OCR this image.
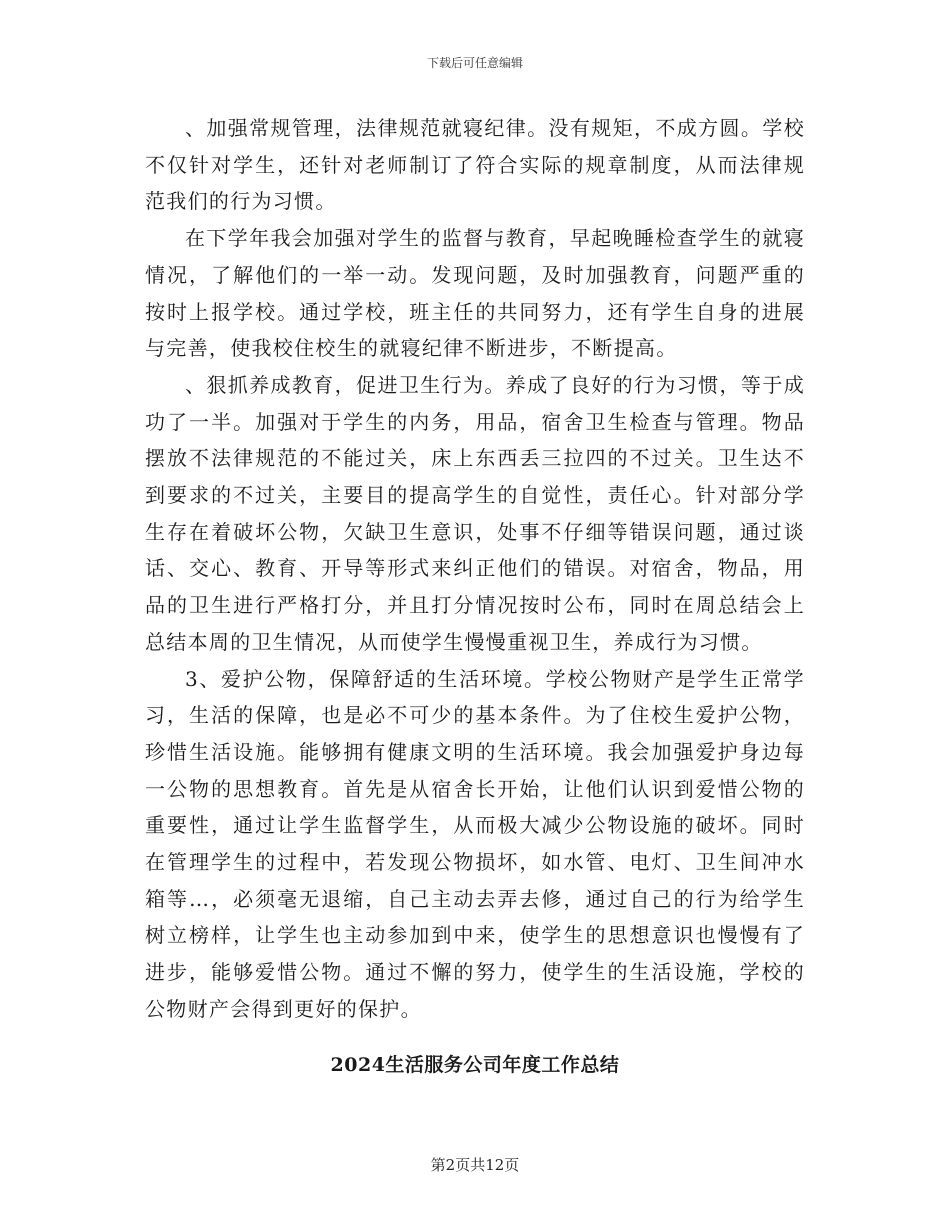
下载后可任意编辑

、加强常规管理，法律规范就寝纪律。没有规矩，不成方圆。学校不仅针对学生，还针对老师制订了符合实际的规章制度，从而法律规范我们的行为习惯。

在下学年我会加强对学生的监督与教育，早起晚睡检查学生的就寝情况，了解他们的一举一动。发现问题，及时加强教育，问题严重的按时上报学校。通过学校，班主任的共同努力，还有学生自身的进展与完善，使我校住校生的就寝纪律不断进步，不断提高。

、狠抓养成教育，促进卫生行为。养成了良好的行为习惯，等于成功了一半。加强对于学生的内务，用品，宿舍卫生检查与管理。物品摆放不法律规范的不能过关，床上东西丢三拉四的不过关。卫生达不到要求的不过关，主要目的提高学生的自觉性，责任心。针对部分学生存在着破坏公物，欠缺卫生意识，处事不仔细等错误问题，通过谈话、交心、教育、开导等形式来纠正他们的错误。对宿舍，物品，用品的卫生进行严格打分，并且打分情况按时公布，同时在周总结会上总结本周的卫生情况，从而使学生慢慢重视卫生，养成行为习惯。

3、爱护公物，保障舒适的生活环境。学校公物财产是学生正常学习，生活的保障，也是必不可少的基本条件。为了住校生爱护公物，珍惜生活设施。能够拥有健康文明的生活环境。我会加强爱护身边每一公物的思想教育。首先是从宿舍长开始，让他们认识到爱惜公物的重要性，通过让学生监督学生，从而极大减少公物设施的破坏。同时在管理学生的过程中，若发现公物损坏，如水管、电灯、卫生间冲水箱等…，必须毫无退缩，自己主动去弄去修，通过自己的行为给学生树立榜样，让学生也主动参加到中来，使学生的思想意识也慢慢有了进步，能够爱惜公物。通过不懈的努力，使学生的生活设施，学校的公物财产会得到更好的保护。

2024生活服务公司年度工作总结
第2页共12页
